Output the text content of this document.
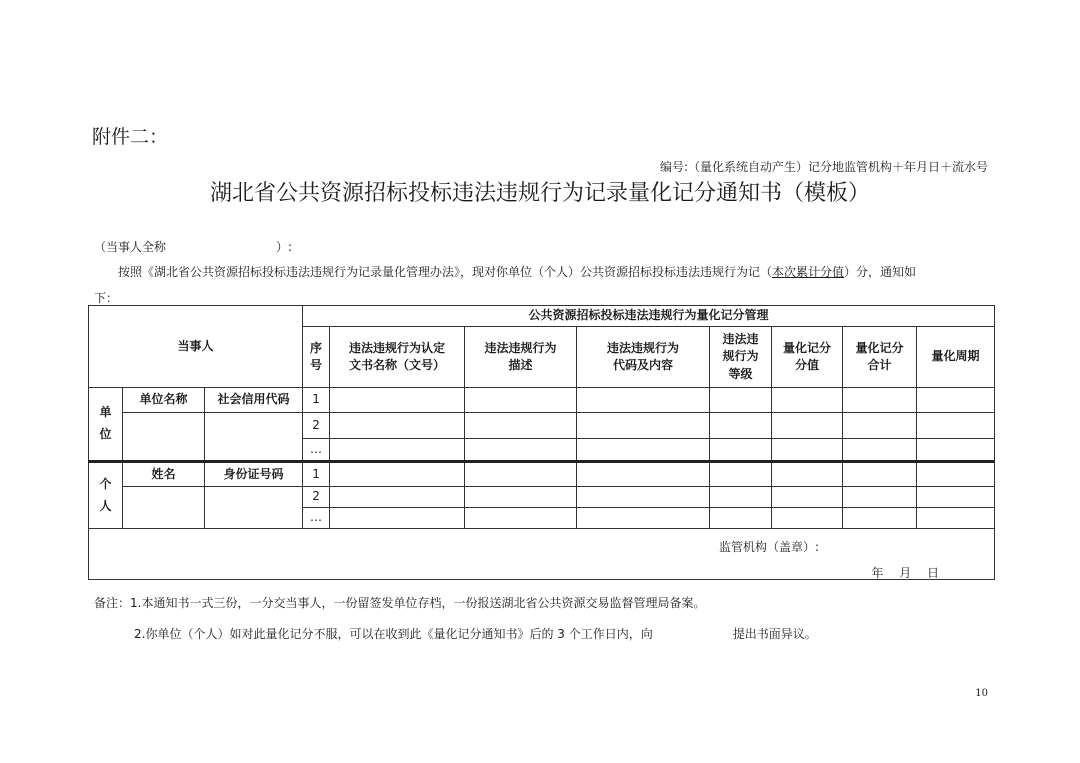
附件二：
编号:（量化系统自动产生）记分地监管机构＋年月日＋流水号
湖北省公共资源招标投标违法违规行为记录量化记分通知书（模板）
（当事人全称	）:
按照《湖北省公共资源招标投标违法违规行为记录量化管理办法》，现对你单位（个人）公共资源招标投标违法违规行为记（本次累计分值）分，通知如
下：
当事人			公共资源招标投标违法违规行为量化记分管理							
			序号	违法违规行为认定文书名称（文号）	违法违规行为描述	违法违规行为代码及内容	违法违规行为等级	量化记分分值	量化记分合计	量化周期
单位	单位名称	社会信用代码	1							
			2							
			…							
个人	姓名	身份证号码	1							
			2							
			…							

监管机构（盖章）:
年 月 日										
备注：1.本通知书一式三份，一分交当事人，一份留签发单位存档，一份报送湖北省公共资源交易监督管理局备案。
2.你单位（个人）如对此量化记分不服，可以在收到此《量化记分通知书》后的 3 个工作日内，向	提出书面异议。
10
